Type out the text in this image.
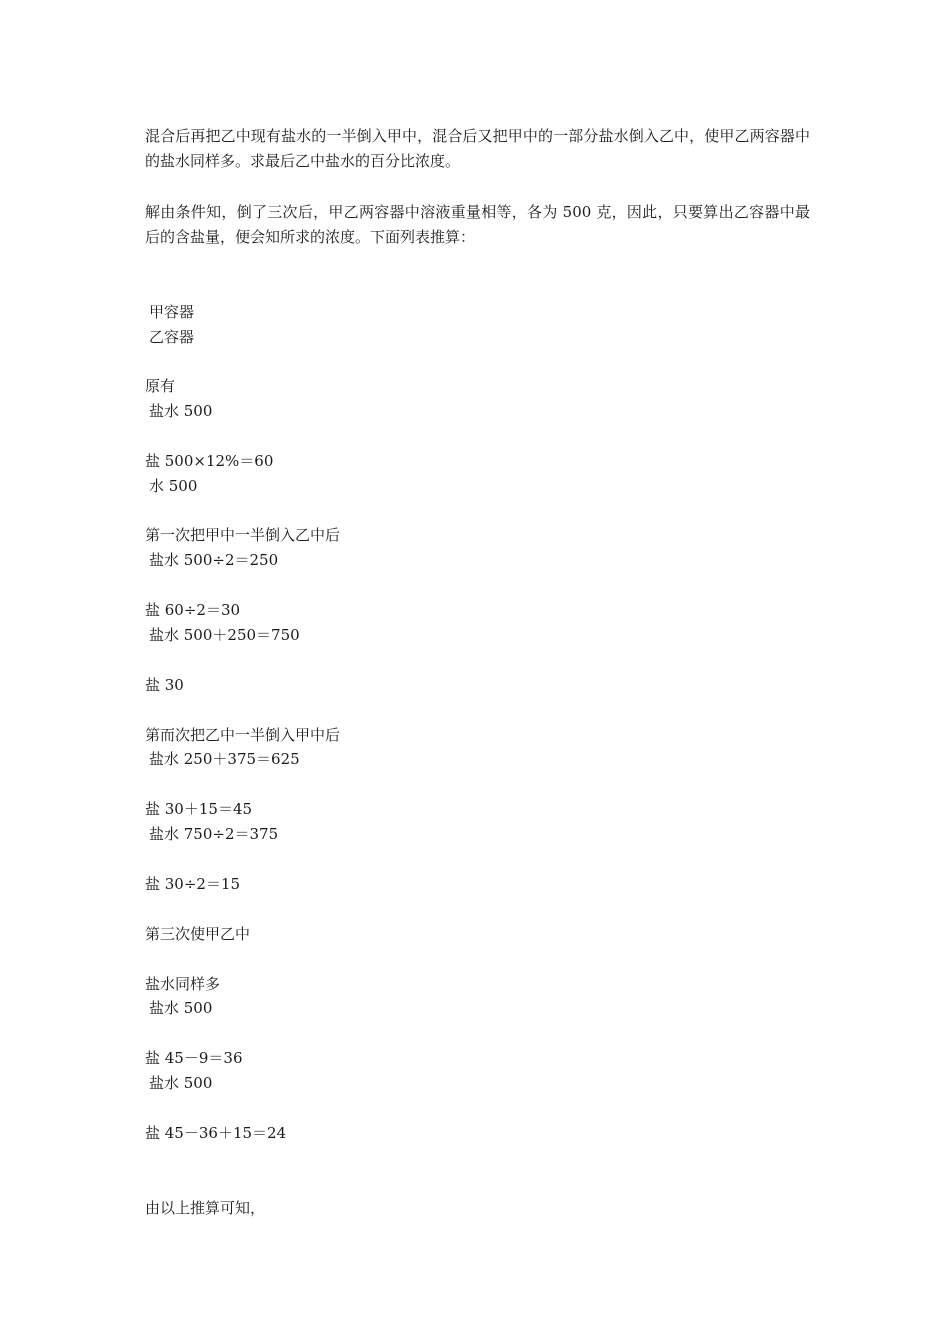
混合后再把乙中现有盐水的一半倒入甲中，混合后又把甲中的一部分盐水倒入乙中，使甲乙两容器中的盐水同样多。求最后乙中盐水的百分比浓度。

解由条件知，倒了三次后，甲乙两容器中溶液重量相等，各为 500 克，因此，只要算出乙容器中最后的含盐量，便会知所求的浓度。下面列表推算：

甲容器
乙容器
原有
盐水 500
盐 500×12%＝60
水 500
第一次把甲中一半倒入乙中后
盐水 500÷2＝250
盐 60÷2＝30
盐水 500＋250＝750
盐 30
第而次把乙中一半倒入甲中后
盐水 250＋375＝625
盐 30＋15＝45
盐水 750÷2＝375
盐 30÷2＝15
第三次使甲乙中
盐水同样多
盐水 500
盐 45－9＝36
盐水 500
盐 45－36＋15＝24
由以上推算可知，
